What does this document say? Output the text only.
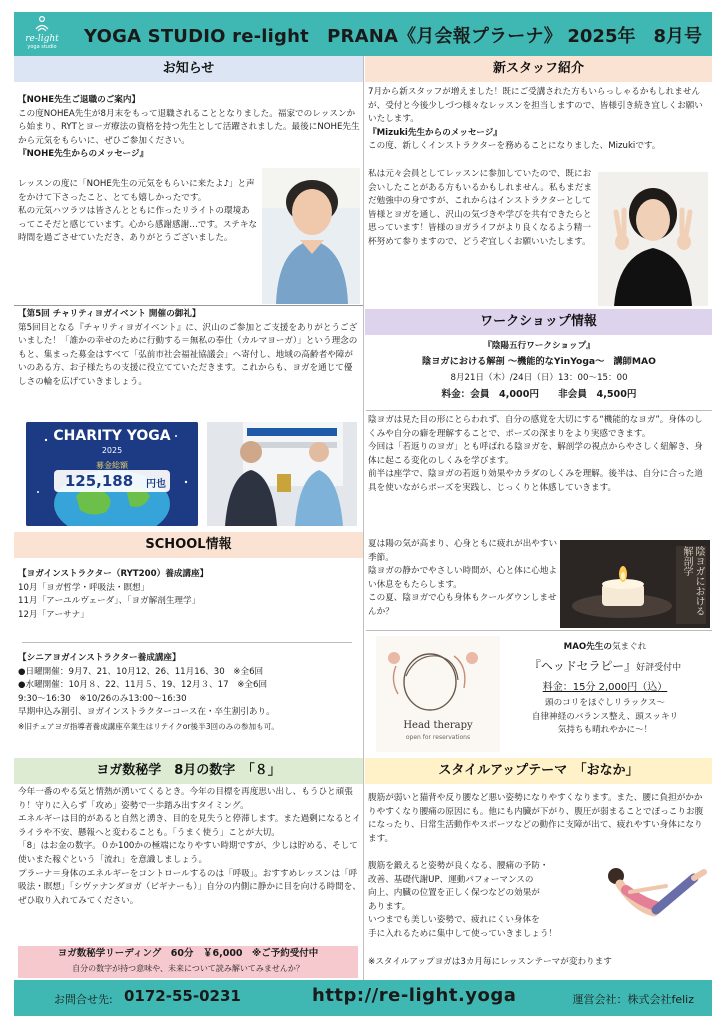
re-light
yoga studio	YOGA STUDIO re-light　PRANA《月会報プラーナ》 2025年　8月号
お知らせ

【NOHE先生ご退職のご案内】

この度NOHEA先生が8月末をもって退職されることとなりました。福家でのレッスンから始まり、RYTとヨーガ療法の資格を持つ先生として活躍されました。最後にNOHE先生から元気をもらいに、ぜひご参加ください。

『NOHE先生からのメッセージ』

レッスンの度に「NOHE先生の元気をもらいに来たよ♪」と声をかけて下さったこと、とても嬉しかったです。

私の元気ハツラツは皆さんとともに作ったリライトの環境あってこそだと感じています。心から感謝感謝…です。ステキな時間を過ごさせていただき、ありがとうございました。

【第5回 チャリティヨガイベント 開催の御礼】

第5回目となる『チャリティヨガイベント』に、沢山のご参加とご支援をありがとうございました！「誰かの幸せのために行動する＝無私の奉仕（カルマヨーガ）」という理念のもと、集まった募金はすべて「弘前市社会福祉協議会」へ寄付し、地域の高齢者や障がいのある方、お子様たちの支援に役立てていただきます。これからも、ヨガを通じて優しさの輪を広げていきましょう。

CHARITY YOGA
2025
募金総額
125,188	円也
SCHOOL情報

【ヨガインストラクター（RYT200）養成講座】

10月「ヨガ哲学・呼吸法・瞑想」

11月「アーユルヴェーダ」、「ヨガ解剖生理学」

12月「アーサナ」

【シニアヨガインストラクター養成講座】

●日曜開催：9月7、21、10月12、26、11月16、30　※全6回

●水曜開催：10月８、22、11月５、19、12月３、17　※全6回

9:30〜16:30　※10/26のみ13:00〜16:30

早期申込み割引、ヨガインストラクターコース在・卒生割引あり。

※旧チェアヨガ指導者養成講座卒業生はリテイクor後半3回のみの参加も可。

ヨガ数秘学　8月の数字　「８」

今年一番のやる気と情熱が湧いてくるとき。今年の目標を再度思い出し、もうひと頑張り！守りに入らず「攻め」姿勢で一歩踏み出すタイミング。

エネルギーは目的があると自然と湧き、目的を見失うと停滞します。また過剰になるとイライラや不安、懸報へと変わることも。「うまく使う」ことが大切。

「8」はお金の数字。０か100かの極端になりやすい時期ですが、少しは貯める、そして使いまた稼ぐという「流れ」を意識しましょう。

プラーナ＝身体のエネルギーをコントロールするのは「呼吸」。おすすめレッスンは「呼吸法・瞑想」「シヴァナンダヨガ（ビギナーも）」自分の内側に静かに目を向ける時間を、ぜひ取り入れてみてください。

ヨガ数秘学リーディング　60分　￥6,000　※ご予約受付中
自分の数字が持つ意味や、未来について読み解いてみませんか？
新スタッフ紹介

7月から新スタッフが増えました！既にご受講された方もいらっしゃるかもしれませんが、受付と今後少しづつ様々なレッスンを担当しますので、皆様引き続き宜しくお願いいたします。

『Mizuki先生からのメッセージ』

この度、新しくインストラクターを務めることになりました、Mizukiです。

私は元々会員としてレッスンに参加していたので、既にお会いしたことがある方もいるかもしれません。私もまだまだ勉強中の身ですが、これからはインストラクターとして皆様とヨガを通し、沢山の気づきや学びを共有できたらと思っています！皆様のヨガライフがより良くなるよう精一杯努めて参りますので、どうぞ宜しくお願いいたします。

ワークショップ情報

『陰陽五行ワークショップ』

陰ヨガにおける解剖 ～機能的なYinYoga～　講師MAO

8月21日（木）/24日（日）13：00～15：00

料金：会員　4,000円　　非会員　4,500円

陰ヨガは見た目の形にとらわれず、自分の感覚を大切にする“機能的なヨガ”。身体のしくみや自分の癖を理解することで、ポーズの深まりをより実感できます。

今回は「若返りのヨガ」とも呼ばれる陰ヨガを、解剖学の視点からやさしく紐解き、身体に起こる変化のしくみを学びます。

前半は座学で、陰ヨガの若返り効果やカラダのしくみを理解。後半は、自分に合った道具を使いながらポーズを実践し、じっくりと体感していきます。

夏は陽の気が高まり、心身ともに疲れが出やすい季節。

陰ヨガの静かでやさしい時間が、心と体に心地よい休息をもたらします。

この夏、陰ヨガで心も身体もクールダウンしませんか？	陰ヨガにおける解剖学
Head therapy
open for reservations

MAO先生の気まぐれ

『ヘッドセラピー』好評受付中

料金：15分 2,000円（込）

頭のコリをほぐしリラックス～

自律神経のバランス整え、頭スッキリ

気持ちも晴れやかに～！

スタイルアップテーマ　「おなか」

腹筋が弱いと猫背や反り腰など悪い姿勢になりやすくなります。また、腰に負担がかかりやすくなり腰痛の原因にも。他にも内臓が下がり、腹圧が弱まることでぽっこりお腹になったり、日常生活動作やスポーツなどの動作に支障が出て、疲れやすい身体になります。

腹筋を鍛えると姿勢が良くなる、腰痛の予防・

改善、基礎代謝UP、運動パフォーマンスの

向上、内臓の位置を正しく保つなどの効果が

あります。

いつまでも美しい姿勢で、疲れにくい身体を

手に入れるために集中して使っていきましょう！

※スタイルアップヨガは3カ月毎にレッスンテーマが変わります

お問合せ先: 0172-55-0231	http://re-light.yoga	運営会社：株式会社feliz
